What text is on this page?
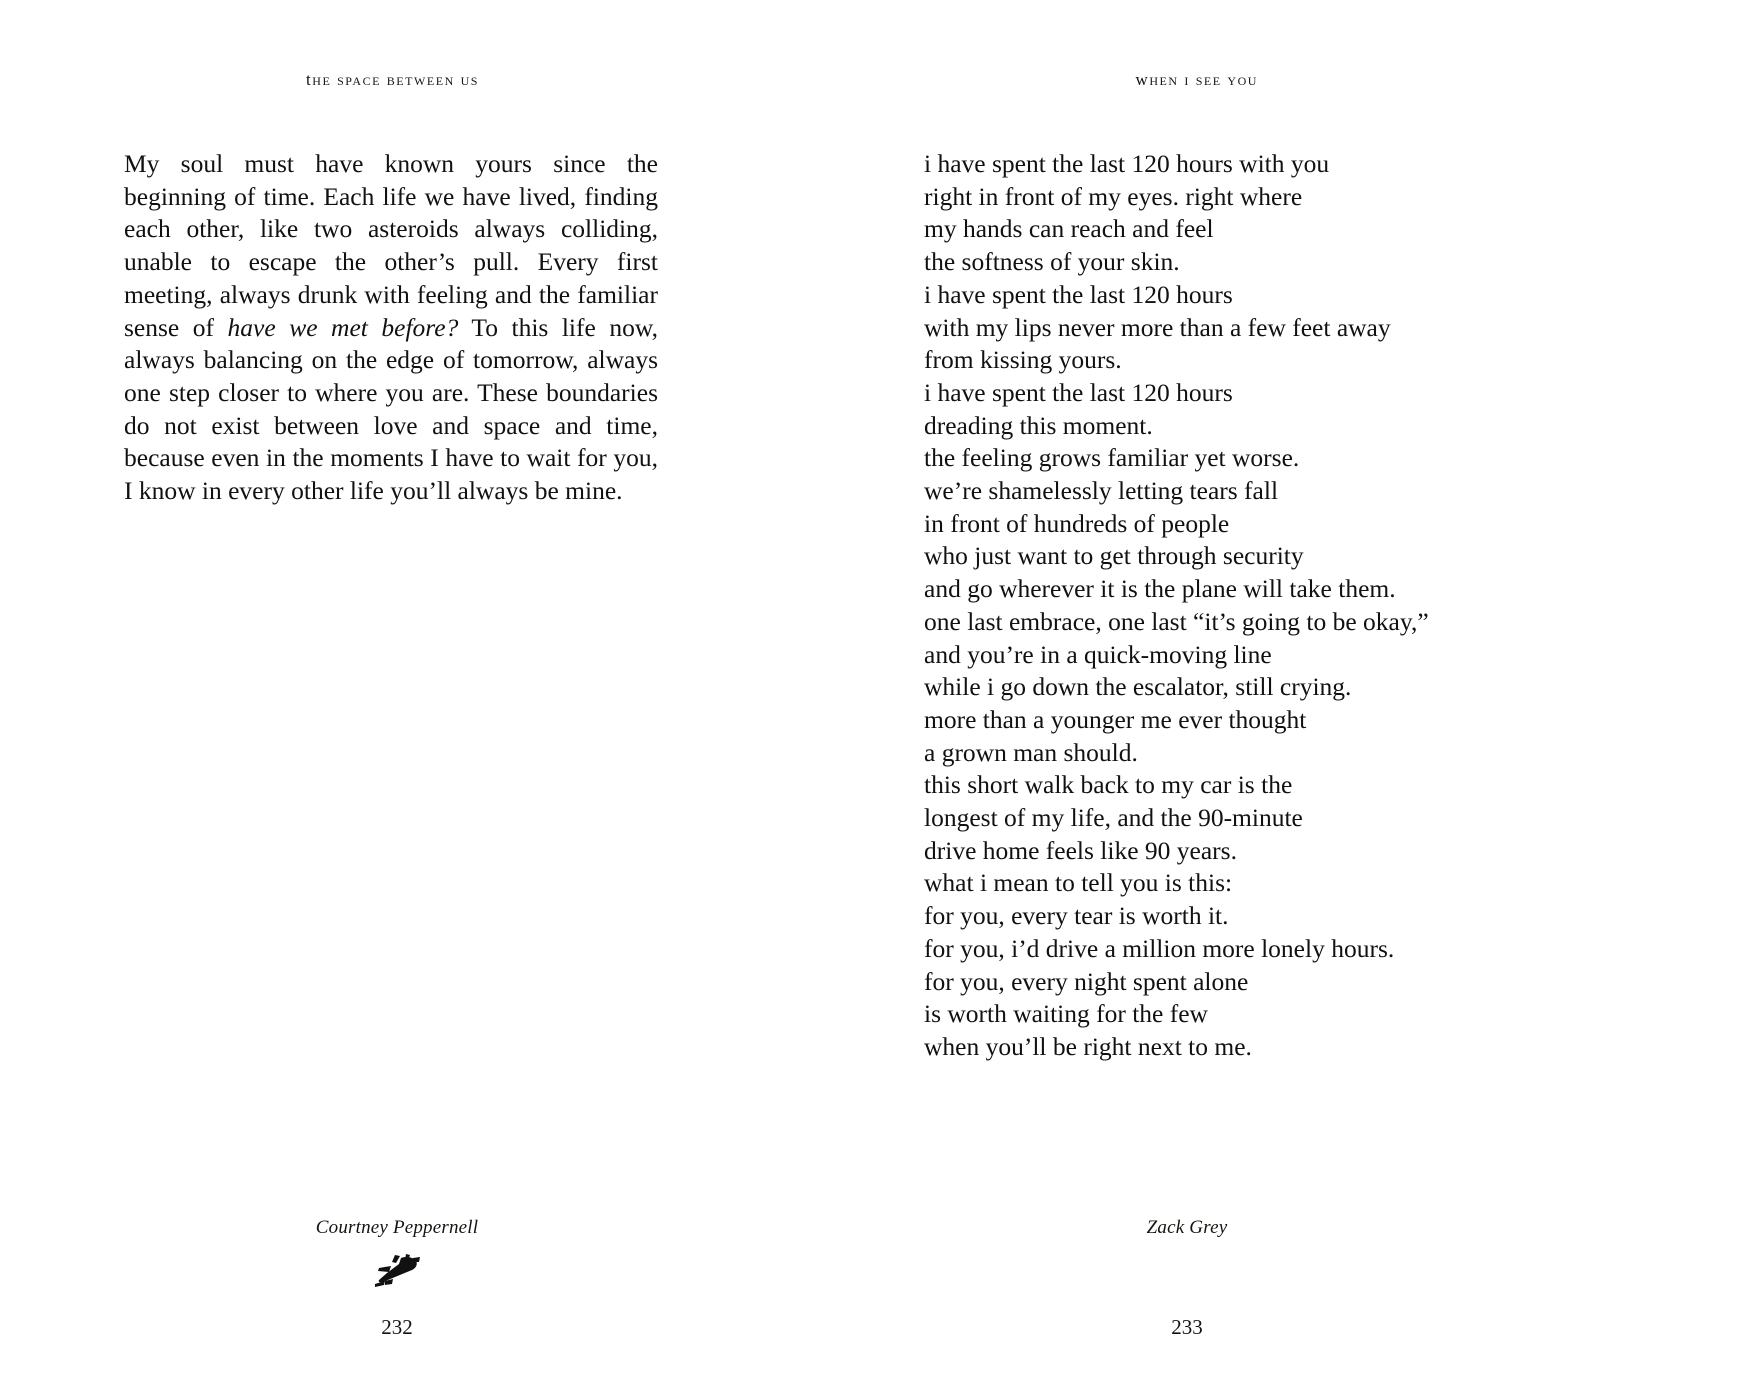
the space between us
My soul must have known yours since the beginning of time. Each life we have lived, finding each other, like two asteroids always colliding, unable to escape the other’s pull. Every first meeting, always drunk with feeling and the familiar sense of have we met before? To this life now, always balancing on the edge of tomorrow, always one step closer to where you are. These boundaries do not exist between love and space and time, because even in the moments I have to wait for you, I know in every other life you’ll always be mine.
Courtney Peppernell
232
when i see you
i have spent the last 120 hours with you
right in front of my eyes. right where
my hands can reach and feel
the softness of your skin.
i have spent the last 120 hours
with my lips never more than a few feet away
from kissing yours.
i have spent the last 120 hours
dreading this moment.
the feeling grows familiar yet worse.
we’re shamelessly letting tears fall
in front of hundreds of people
who just want to get through security
and go wherever it is the plane will take them.
one last embrace, one last “it’s going to be okay,”
and you’re in a quick-moving line
while i go down the escalator, still crying.
more than a younger me ever thought
a grown man should.
this short walk back to my car is the
longest of my life, and the 90-minute
drive home feels like 90 years.
what i mean to tell you is this:
for you, every tear is worth it.
for you, i’d drive a million more lonely hours.
for you, every night spent alone
is worth waiting for the few
when you’ll be right next to me.
Zack Grey
233
